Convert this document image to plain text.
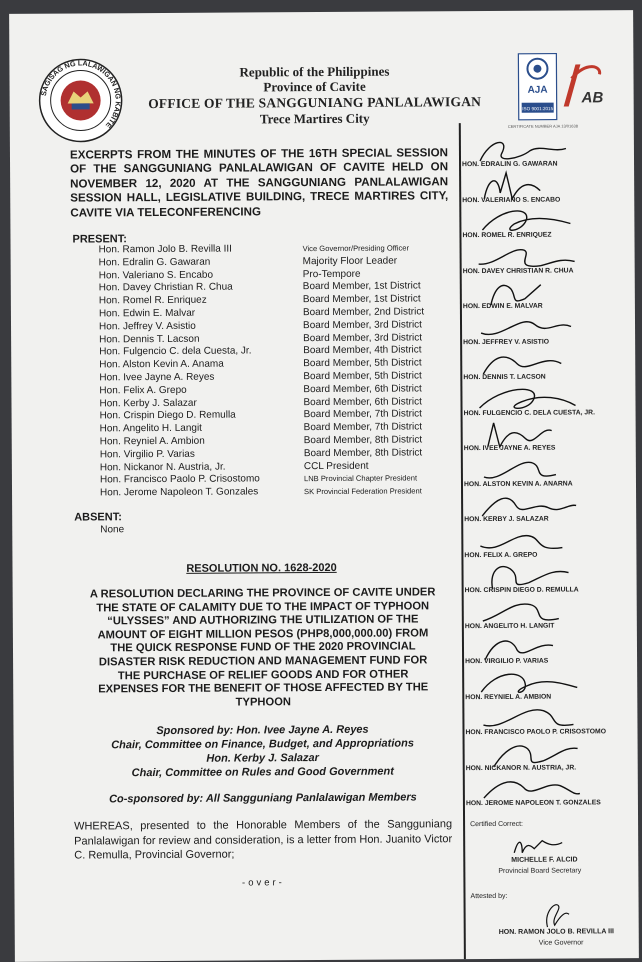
SAGISAG NG LALAWIGAN NG KABITE
AJA
ISO 9001:2015
AB
CERTIFICATE NUMBER AJA 13/01638
Republic of the Philippines
Province of Cavite
OFFICE OF THE SANGGUNIANG PANLALAWIGAN
Trece Martires City
EXCERPTS FROM THE MINUTES OF THE 16TH SPECIAL SESSION OF THE SANGGUNIANG PANLALAWIGAN OF CAVITE HELD ON NOVEMBER 12, 2020 AT THE SANGGUNIANG PANLALAWIGAN SESSION HALL, LEGISLATIVE BUILDING, TRECE MARTIRES CITY, CAVITE VIA TELECONFERENCING
PRESENT:
Hon. Ramon Jolo B. Revilla III	Vice Governor/Presiding Officer
Hon. Edralin G. Gawaran	Majority Floor Leader
Hon. Valeriano S. Encabo	Pro-Tempore
Hon. Davey Christian R. Chua	Board Member, 1st District
Hon. Romel R. Enriquez	Board Member, 1st District
Hon. Edwin E. Malvar	Board Member, 2nd District
Hon. Jeffrey V. Asistio	Board Member, 3rd District
Hon. Dennis T. Lacson	Board Member, 3rd District
Hon. Fulgencio C. dela Cuesta, Jr.	Board Member, 4th District
Hon. Alston Kevin A. Anama	Board Member, 5th District
Hon. Ivee Jayne A. Reyes	Board Member, 5th District
Hon. Felix A. Grepo	Board Member, 6th District
Hon. Kerby J. Salazar	Board Member, 6th District
Hon. Crispin Diego D. Remulla	Board Member, 7th District
Hon. Angelito H. Langit	Board Member, 7th District
Hon. Reyniel A. Ambion	Board Member, 8th District
Hon. Virgilio P. Varias	Board Member, 8th District
Hon. Nickanor N. Austria, Jr.	CCL President
Hon. Francisco Paolo P. Crisostomo	LNB Provincial Chapter President
Hon. Jerome Napoleon T. Gonzales	SK Provincial Federation President
ABSENT:
None
RESOLUTION NO. 1628-2020
A RESOLUTION DECLARING THE PROVINCE OF CAVITE UNDER THE STATE OF CALAMITY DUE TO THE IMPACT OF TYPHOON “ULYSSES” AND AUTHORIZING THE UTILIZATION OF THE AMOUNT OF EIGHT MILLION PESOS (PHP8,000,000.00) FROM THE QUICK RESPONSE FUND OF THE 2020 PROVINCIAL DISASTER RISK REDUCTION AND MANAGEMENT FUND FOR THE PURCHASE OF RELIEF GOODS AND FOR OTHER EXPENSES FOR THE BENEFIT OF THOSE AFFECTED BY THE TYPHOON
Sponsored by: Hon. Ivee Jayne A. Reyes
Chair, Committee on Finance, Budget, and Appropriations
Hon. Kerby J. Salazar
Chair, Committee on Rules and Good Government
Co-sponsored by: All Sangguniang Panlalawigan Members
WHEREAS, presented to the Honorable Members of the Sangguniang Panlalawigan for review and consideration, is a letter from Hon. Juanito Victor C. Remulla, Provincial Governor;
-over-
HON. EDRALIN G. GAWARAN
HON. VALERIANO S. ENCABO
HON. ROMEL R. ENRIQUEZ
HON. DAVEY CHRISTIAN R. CHUA
HON. EDWIN E. MALVAR
HON. JEFFREY V. ASISTIO
HON. DENNIS T. LACSON
HON. FULGENCIO C. DELA CUESTA, JR.
HON. IVEE JAYNE A. REYES
HON. ALSTON KEVIN A. ANARNA
HON. KERBY J. SALAZAR
HON. FELIX A. GREPO
HON. CRISPIN DIEGO D. REMULLA
HON. ANGELITO H. LANGIT
HON. VIRGILIO P. VARIAS
HON. REYNIEL A. AMBION
HON. FRANCISCO PAOLO P. CRISOSTOMO
HON. NICKANOR N. AUSTRIA, JR.
HON. JEROME NAPOLEON T. GONZALES
Certified Correct:
MICHELLE F. ALCID
Provincial Board Secretary
Attested by:
HON. RAMON JOLO B. REVILLA III
Vice Governor
